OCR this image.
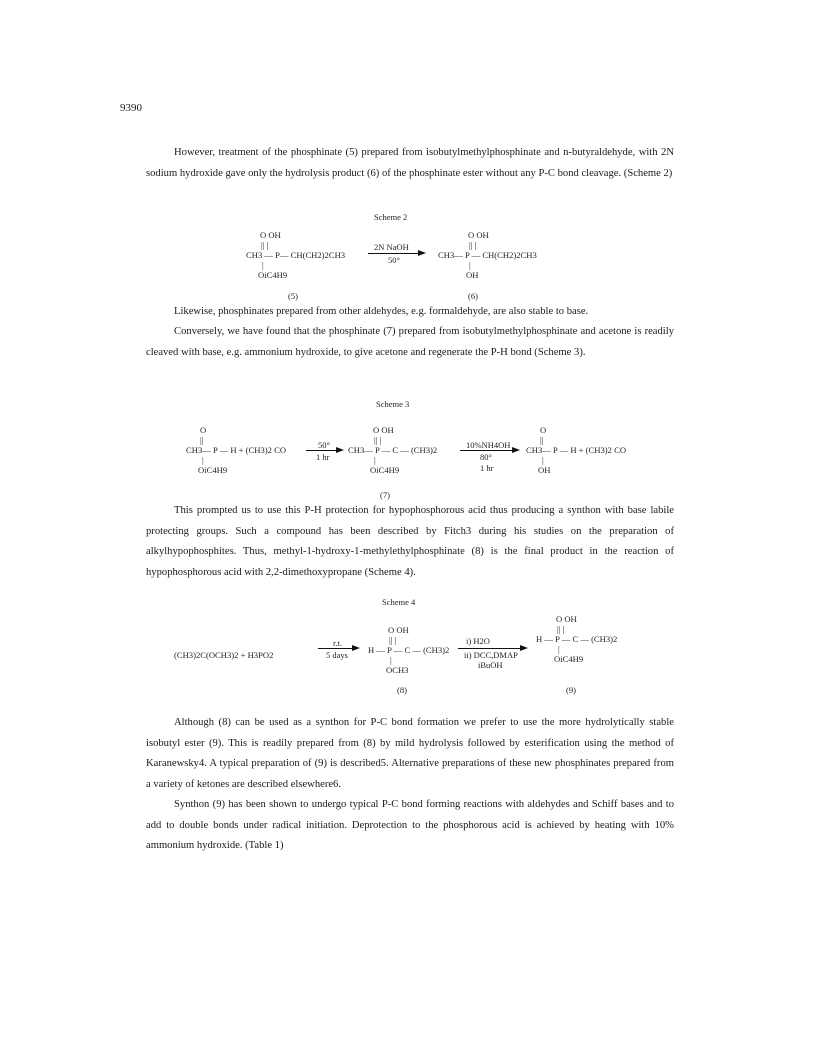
9390
However, treatment of the phosphinate (5) prepared from isobutylmethylphosphinate and n-butyraldehyde, with 2N sodium hydroxide gave only the hydrolysis product (6) of the phosphinate ester without any P-C bond cleavage. (Scheme 2)
Scheme 2
O OH
|| |
CH3 — P— CH(CH2)2CH3
|
OiC4H9
2N NaOH
50°
O OH
|| |
CH3— P — CH(CH2)2CH3
|
OH
(5)	(6)
Likewise, phosphinates prepared from other aldehydes, e.g. formaldehyde, are also stable to base.
Conversely, we have found that the phosphinate (7) prepared from isobutylmethylphosphinate and acetone is readily cleaved with base, e.g. ammonium hydroxide, to give acetone and regenerate the P-H bond (Scheme 3).
Scheme 3
O
||
CH3— P — H + (CH3)2 CO
|
OiC4H9
50°
1 hr
O OH
|| |
CH3— P — C — (CH3)2
|
OiC4H9
10%NH4OH
80°
1 hr
O
||
CH3— P — H + (CH3)2 CO
|
OH
(7)
This prompted us to use this P-H protection for hypophosphorous acid thus producing a synthon with base labile protecting groups. Such a compound has been described by Fitch3 during his studies on the preparation of alkylhypophosphites. Thus, methyl-1-hydroxy-1-methylethylphosphinate (8) is the final product in the reaction of hypophosphorous acid with 2,2-dimethoxypropane (Scheme 4).
Scheme 4
(CH3)2C(OCH3)2 + H3PO2
r.t.
5 days
O OH
|| |
H — P — C — (CH3)2
|
OCH3
i) H2O
ii) DCC,DMAP
iBuOH
O OH
|| |
H — P — C — (CH3)2
|
OiC4H9
(8)	(9)
Although (8) can be used as a synthon for P-C bond formation we prefer to use the more hydrolytically stable isobutyl ester (9). This is readily prepared from (8) by mild hydrolysis followed by esterification using the method of Karanewsky4. A typical preparation of (9) is described5. Alternative preparations of these new phosphinates prepared from a variety of ketones are described elsewhere6.
Synthon (9) has been shown to undergo typical P-C bond forming reactions with aldehydes and Schiff bases and to add to double bonds under radical initiation. Deprotection to the phosphorous acid is achieved by heating with 10% ammonium hydroxide. (Table 1)
